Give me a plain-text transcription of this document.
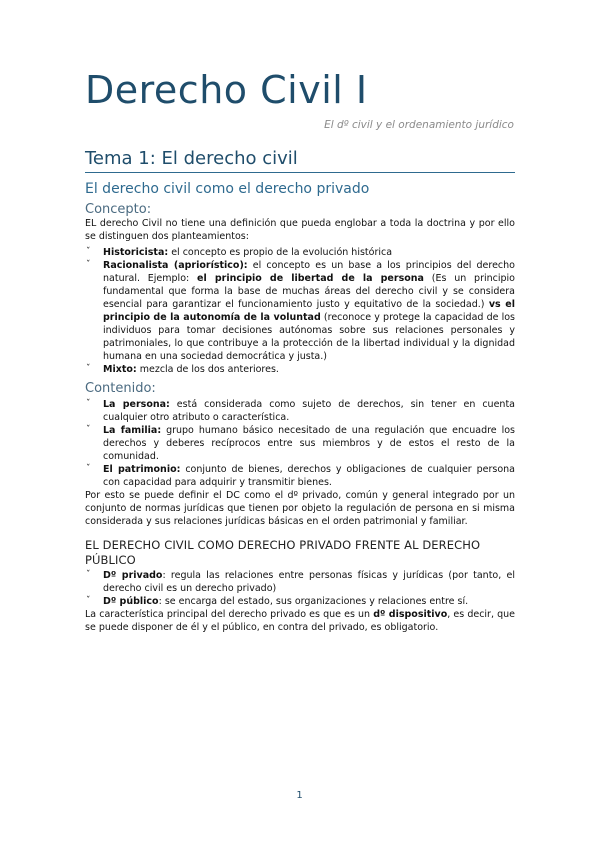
Derecho Civil I
El dº civil y el ordenamiento jurídico
Tema 1: El derecho civil
El derecho civil como el derecho privado
Concepto:

EL derecho Civil no tiene una definición que pueda englobar a toda la doctrina y por ello se distinguen dos planteamientos:

ˇ Historicista: el concepto es propio de la evolución histórica
ˇ Racionalista (apriorístico): el concepto es un base a los principios del derecho natural. Ejemplo: el principio de libertad de la persona (Es un principio fundamental que forma la base de muchas áreas del derecho civil y se considera esencial para garantizar el funcionamiento justo y equitativo de la sociedad.) vs el principio de la autonomía de la voluntad (reconoce y protege la capacidad de los individuos para tomar decisiones autónomas sobre sus relaciones personales y patrimoniales, lo que contribuye a la protección de la libertad individual y la dignidad humana en una sociedad democrática y justa.)
ˇ Mixto: mezcla de los dos anteriores.
Contenido:
ˇ La persona: está considerada como sujeto de derechos, sin tener en cuenta cualquier otro atributo o característica.
ˇ La familia: grupo humano básico necesitado de una regulación que encuadre los derechos y deberes recíprocos entre sus miembros y de estos el resto de la comunidad.
ˇ El patrimonio: conjunto de bienes, derechos y obligaciones de cualquier persona con capacidad para adquirir y transmitir bienes.

Por esto se puede definir el DC como el dº privado, común y general integrado por un conjunto de normas jurídicas que tienen por objeto la regulación de persona en si misma considerada y sus relaciones jurídicas básicas en el orden patrimonial y familiar.

EL DERECHO CIVIL COMO DERECHO PRIVADO FRENTE AL DERECHO PÚBLICO
ˇ Dº privado: regula las relaciones entre personas físicas y jurídicas (por tanto, el derecho civil es un derecho privado)
ˇ Dº público: se encarga del estado, sus organizaciones y relaciones entre sí.

La característica principal del derecho privado es que es un dº dispositivo, es decir, que se puede disponer de él y el público, en contra del privado, es obligatorio.

1
